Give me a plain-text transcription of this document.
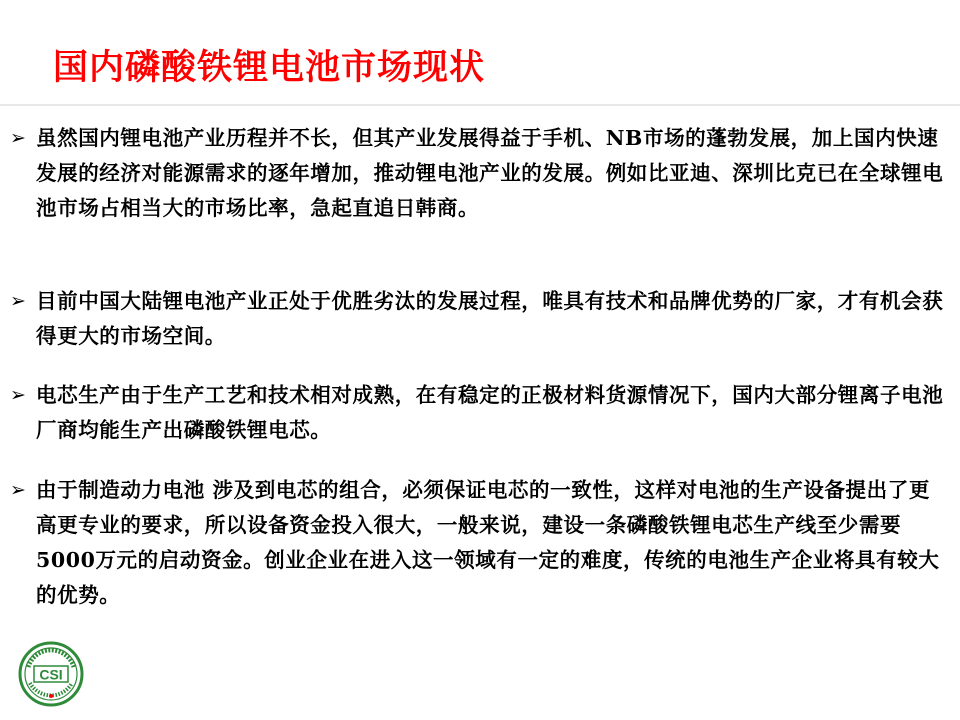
国内磷酸铁锂电池市场现状
➢ 虽然国内锂电池产业历程并不长，但其产业发展得益于手机、NB市场的蓬勃发展，加上国内快速发展的经济对能源需求的逐年增加，推动锂电池产业的发展。例如比亚迪、深圳比克已在全球锂电池市场占相当大的市场比率，急起直追日韩商。
➢ 目前中国大陆锂电池产业正处于优胜劣汰的发展过程，唯具有技术和品牌优势的厂家，才有机会获得更大的市场空间。
➢ 电芯生产由于生产工艺和技术相对成熟，在有稳定的正极材料货源情况下，国内大部分锂离子电池厂商均能生产出磷酸铁锂电芯。
➢ 由于制造动力电池 涉及到电芯的组合，必须保证电芯的一致性，这样对电池的生产设备提出了更高更专业的要求，所以设备资金投入很大，一般来说，建设一条磷酸铁锂电芯生产线至少需要5000万元的启动资金。创业企业在进入这一领域有一定的难度，传统的电池生产企业将具有较大的优势。
CSI
